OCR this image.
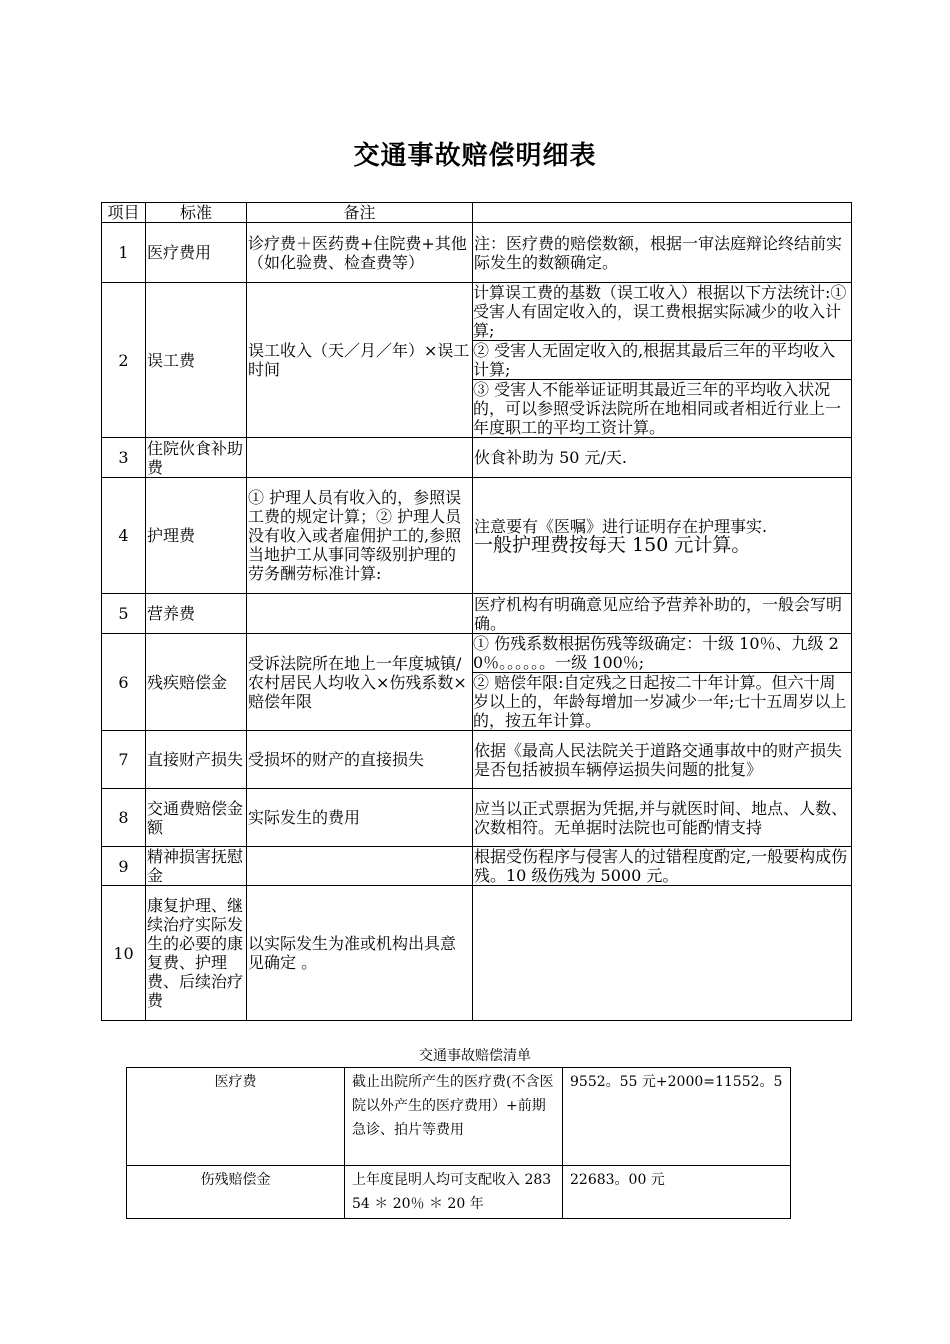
交通事故赔偿明细表
项目	标准	备注	
1	医疗费用	诊疗费＋医药费+住院费+其他（如化验费、检查费等）	注：医疗费的赔偿数额，根据一审法庭辩论终结前实际发生的数额确定。
2	误工费	误工收入（天／月／年）×误工时间	计算误工费的基数（误工收入）根据以下方法统计:① 受害人有固定收入的，误工费根据实际减少的收入计算;
② 受害人无固定收入的,根据其最后三年的平均收入计算;
③ 受害人不能举证证明其最近三年的平均收入状况的，可以参照受诉法院所在地相同或者相近行业上一年度职工的平均工资计算。

3	住院伙食补助费		伙食补助为 50 元/天.
4	护理费	① 护理人员有收入的，参照误工费的规定计算；② 护理人员没有收入或者雇佣护工的,参照当地护工从事同等级别护理的劳务酬劳标准计算:	注意要有《医嘱》进行证明存在护理事实.
一般护理费按每天 150 元计算。

5	营养费		医疗机构有明确意见应给予营养补助的，一般会写明确。
6	残疾赔偿金	受诉法院所在地上一年度城镇/农村居民人均收入×伤残系数×赔偿年限	① 伤残系数根据伤残等级确定：十级 10％、九级 20％。。。。。。一级 100％;
② 赔偿年限:自定残之日起按二十年计算。但六十周岁以上的，年龄每增加一岁减少一年;七十五周岁以上的，按五年计算。

7	直接财产损失	受损坏的财产的直接损失	依据《最高人民法院关于道路交通事故中的财产损失是否包括被损车辆停运损失问题的批复》
8	交通费赔偿金额	实际发生的费用	应当以正式票据为凭据,并与就医时间、地点、人数、次数相符。无单据时法院也可能酌情支持
9	精神损害抚慰金		根据受伤程序与侵害人的过错程度酌定,一般要构成伤残。10 级伤残为 5000 元。
10	康复护理、继续治疗实际发生的必要的康复费、护理费、后续治疗费	以实际发生为准或机构出具意见确定 。	
交通事故赔偿清单
医疗费	截止出院所产生的医疗费(不含医院以外产生的医疗费用）+前期急诊、拍片等费用	9552。55 元+2000=11552。5

伤残赔偿金	上年度昆明人均可支配收入 28354 ＊ 20％ ＊ 20 年	22683。00 元
